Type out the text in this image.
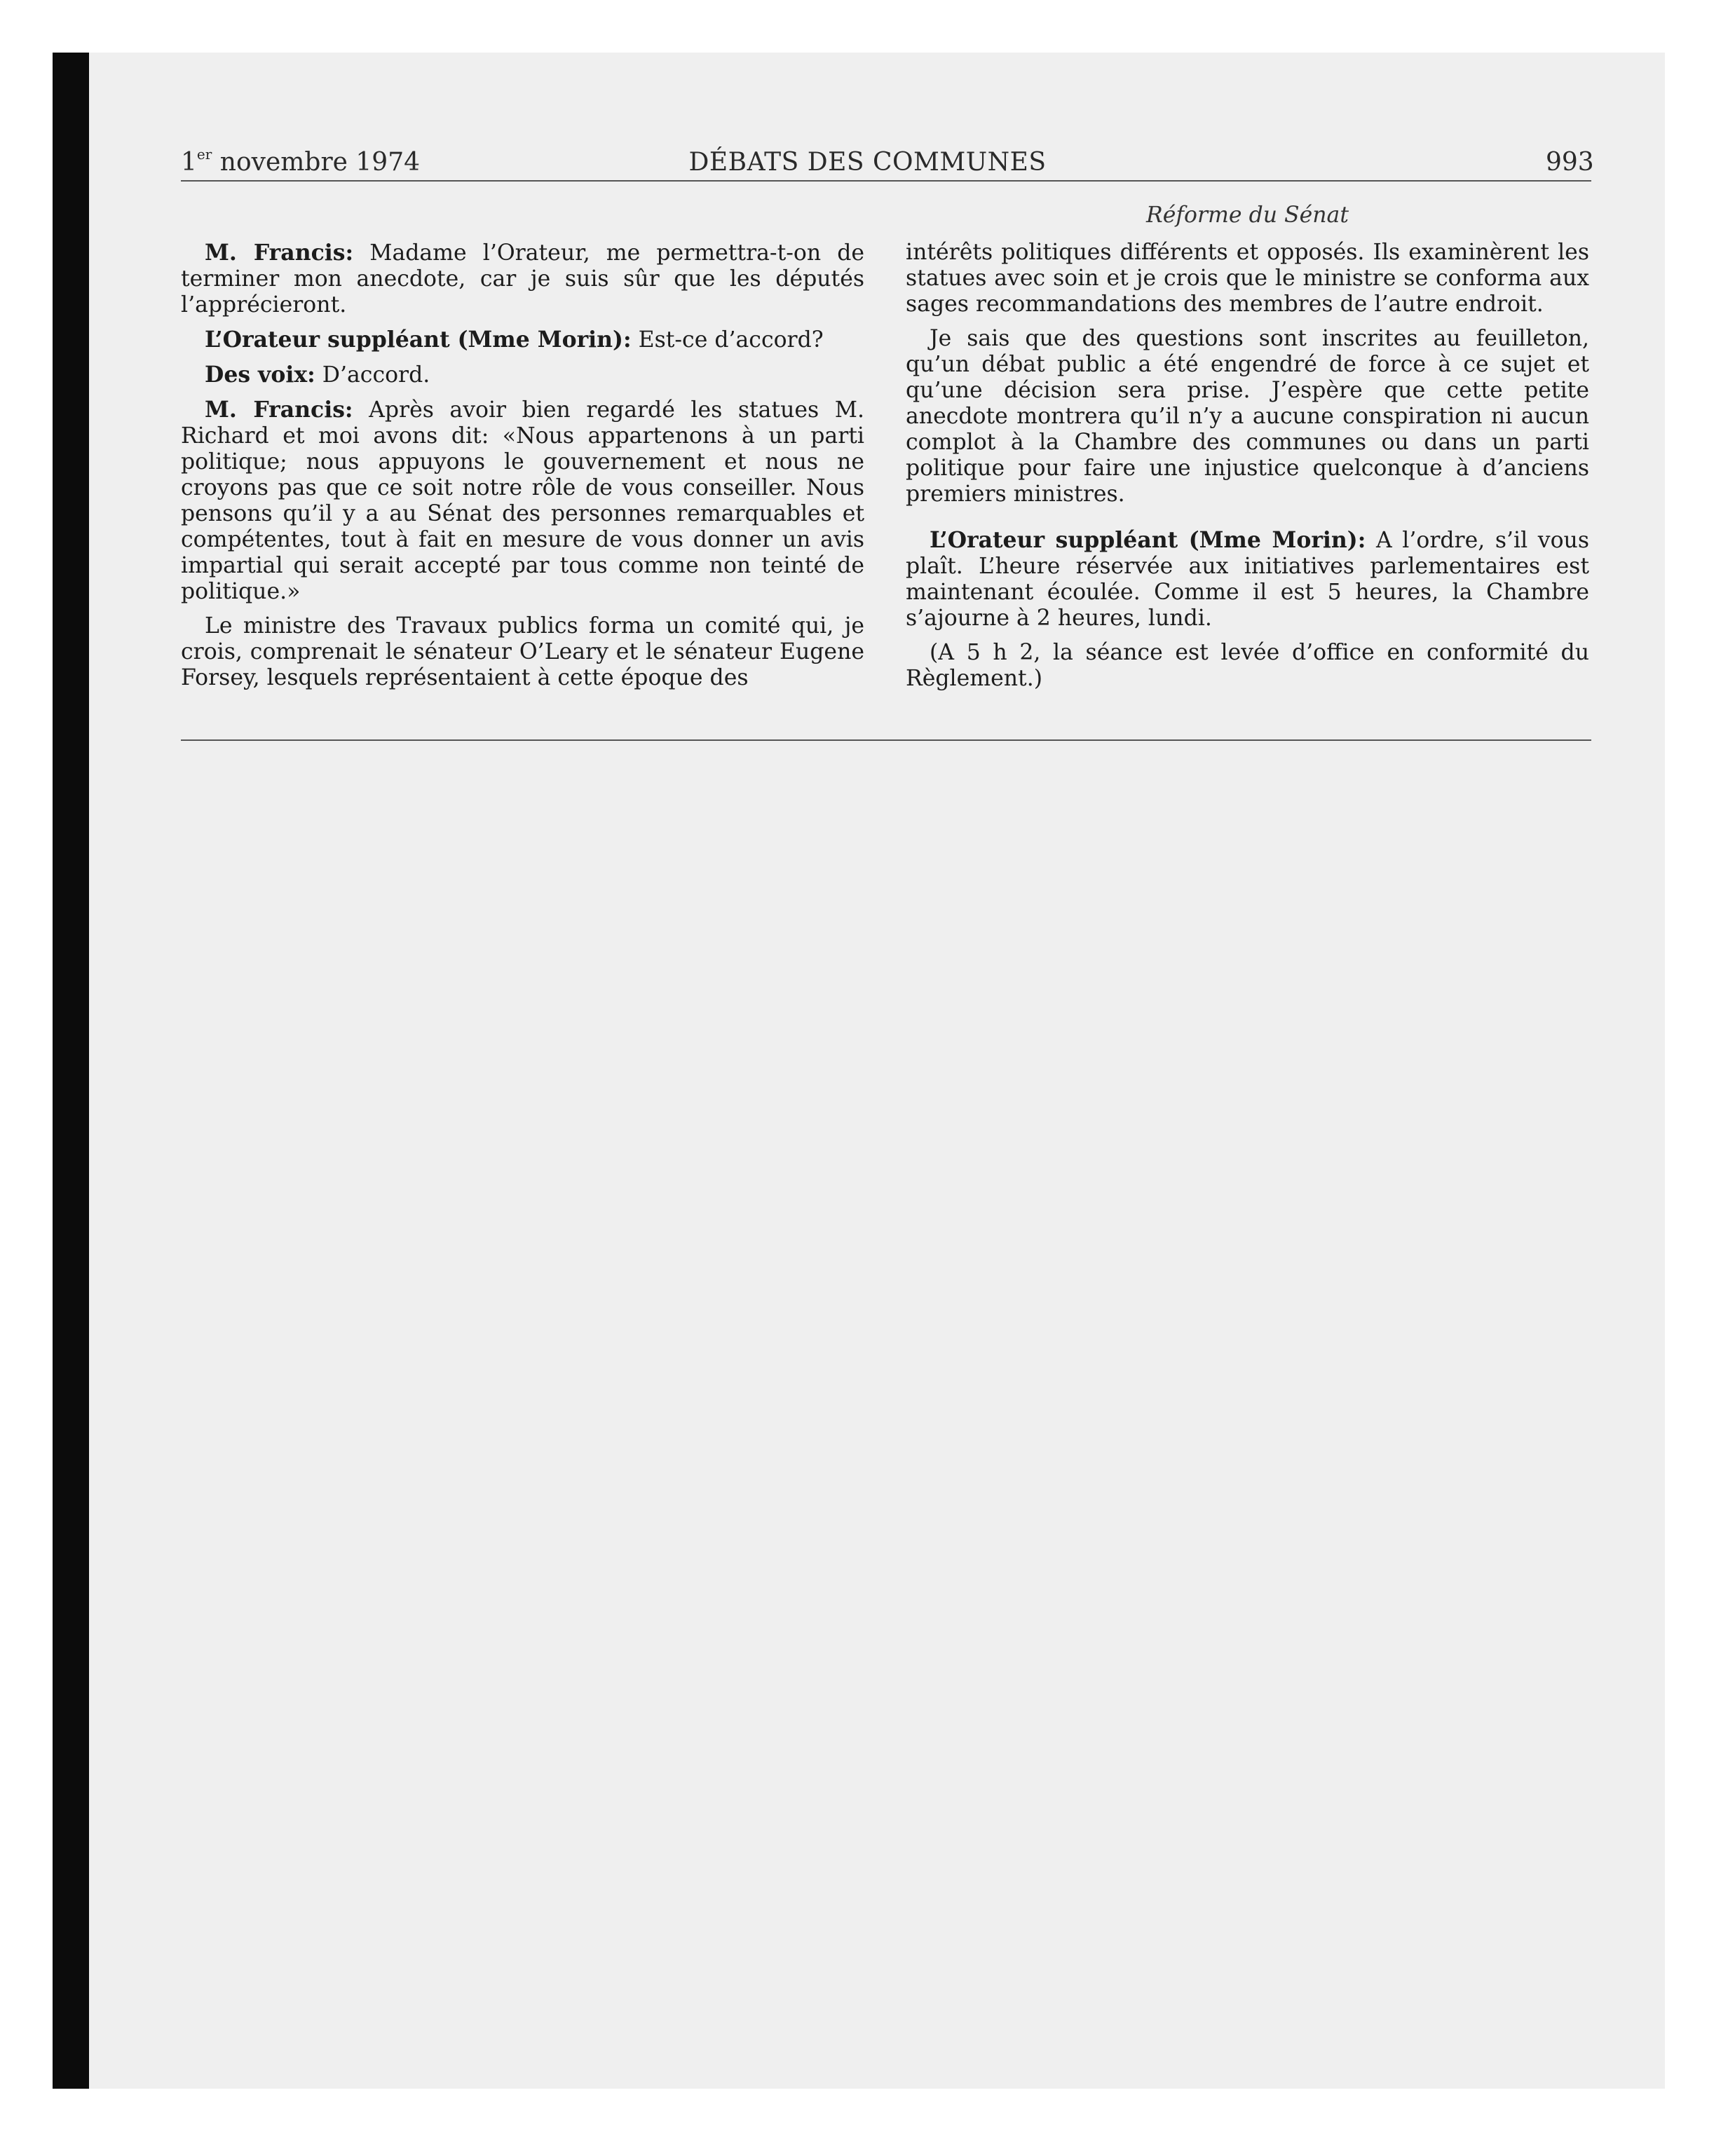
1er novembre 1974	DÉBATS DES COMMUNES	993
Réforme du Sénat

M. Francis: Madame l’Orateur, me permettra-t-on de terminer mon anecdote, car je suis sûr que les députés l’apprécieront.

L’Orateur suppléant (Mme Morin): Est-ce d’accord?

Des voix: D’accord.

M. Francis: Après avoir bien regardé les statues M. Richard et moi avons dit: «Nous appartenons à un parti politique; nous appuyons le gouvernement et nous ne croyons pas que ce soit notre rôle de vous conseiller. Nous pensons qu’il y a au Sénat des personnes remarquables et compétentes, tout à fait en mesure de vous donner un avis impartial qui serait accepté par tous comme non teinté de politique.»

Le ministre des Travaux publics forma un comité qui, je crois, comprenait le sénateur O’Leary et le sénateur Eugene Forsey, lesquels représentaient à cette époque des

intérêts politiques différents et opposés. Ils examinèrent les statues avec soin et je crois que le ministre se conforma aux sages recommandations des membres de l’autre endroit.

Je sais que des questions sont inscrites au feuilleton, qu’un débat public a été engendré de force à ce sujet et qu’une décision sera prise. J’espère que cette petite anecdote montrera qu’il n’y a aucune conspiration ni aucun complot à la Chambre des communes ou dans un parti politique pour faire une injustice quelconque à d’anciens premiers ministres.

L’Orateur suppléant (Mme Morin): A l’ordre, s’il vous plaît. L’heure réservée aux initiatives parlementaires est maintenant écoulée. Comme il est 5 heures, la Chambre s’ajourne à 2 heures, lundi.

(A 5 h 2, la séance est levée d’office en conformité du Règlement.)
